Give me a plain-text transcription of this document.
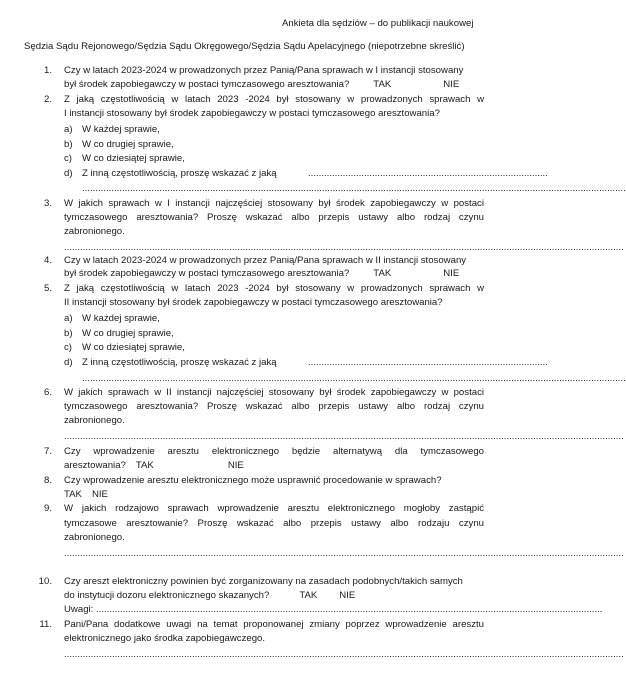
Ankieta dla sędziów – do publikacji naukowej
Sędzia Sądu Rejonowego/Sędzia Sądu Okręgowego/Sędzia Sądu Apelacyjnego (niepotrzebne skreślić)
1. Czy w latach 2023-2024 w prowadzonych przez Panią/Pana sprawach w I instancji stosowany
był środek zapobiegawczy w postaci tymczasowego aresztowania?	TAK	NIE
2. Z jaką częstotliwością w latach 2023 -2024 był stosowany w prowadzonych sprawach w
I instancji stosowany był środek zapobiegawczy w postaci tymczasowego aresztowania?
a) W każdej sprawie,
b) W co drugiej sprawie,
c) W co dziesiątej sprawie,
d) Z inną częstotliwością, proszę wskazać z jaką	..........................................................................................
............................................................................................................................................................................................................
3. W jakich sprawach w I instancji najczęściej stosowany był środek zapobiegawczy w postaci
tymczasowego aresztowania? Proszę wskazać albo przepis ustawy albo rodzaj czynu
zabronionego.
..................................................................................................................................................................................................................
4. Czy w latach 2023-2024 w prowadzonych przez Panią/Pana sprawach w II instancji stosowany
był środek zapobiegawczy w postaci tymczasowego aresztowania?	TAK	NIE
5. Z jaką częstotliwością w latach 2023 -2024 był stosowany w prowadzonych sprawach w
II instancji stosowany był środek zapobiegawczy w postaci tymczasowego aresztowania?
a) W każdej sprawie,
b) W co drugiej sprawie,
c) W co dziesiątej sprawie,
d) Z inną częstotliwością, proszę wskazać z jaką	..........................................................................................
............................................................................................................................................................................................................
6. W jakich sprawach w II instancji najczęściej stosowany był środek zapobiegawczy w postaci
tymczasowego aresztowania? Proszę wskazać albo przepis ustawy albo rodzaj czynu
zabronionego.
..................................................................................................................................................................................................................
7. Czy wprowadzenie aresztu elektronicznego będzie alternatywą dla tymczasowego
aresztowania? TAK	NIE
8. Czy wprowadzenie aresztu elektronicznego może usprawnić procedowanie w sprawach?
TAK NIE
9. W jakich rodzajowo sprawach wprowadzenie aresztu elektronicznego mogłoby zastąpić
tymczasowe aresztowanie? Proszę wskazać albo przepis ustawy albo rodzaju czynu
zabronionego.
..................................................................................................................................................................................................................
10. Czy areszt elektroniczny powinien być zorganizowany na zasadach podobnych/takich samych
do instytucji dozoru elektronicznego skazanych?	TAK NIE
Uwagi: ..............................................................................................................................................................................................
11. Pani/Pana dodatkowe uwagi na temat proponowanej zmiany poprzez wprowadzenie aresztu
elektronicznego jako środka zapobiegawczego.
..................................................................................................................................................................................................................
